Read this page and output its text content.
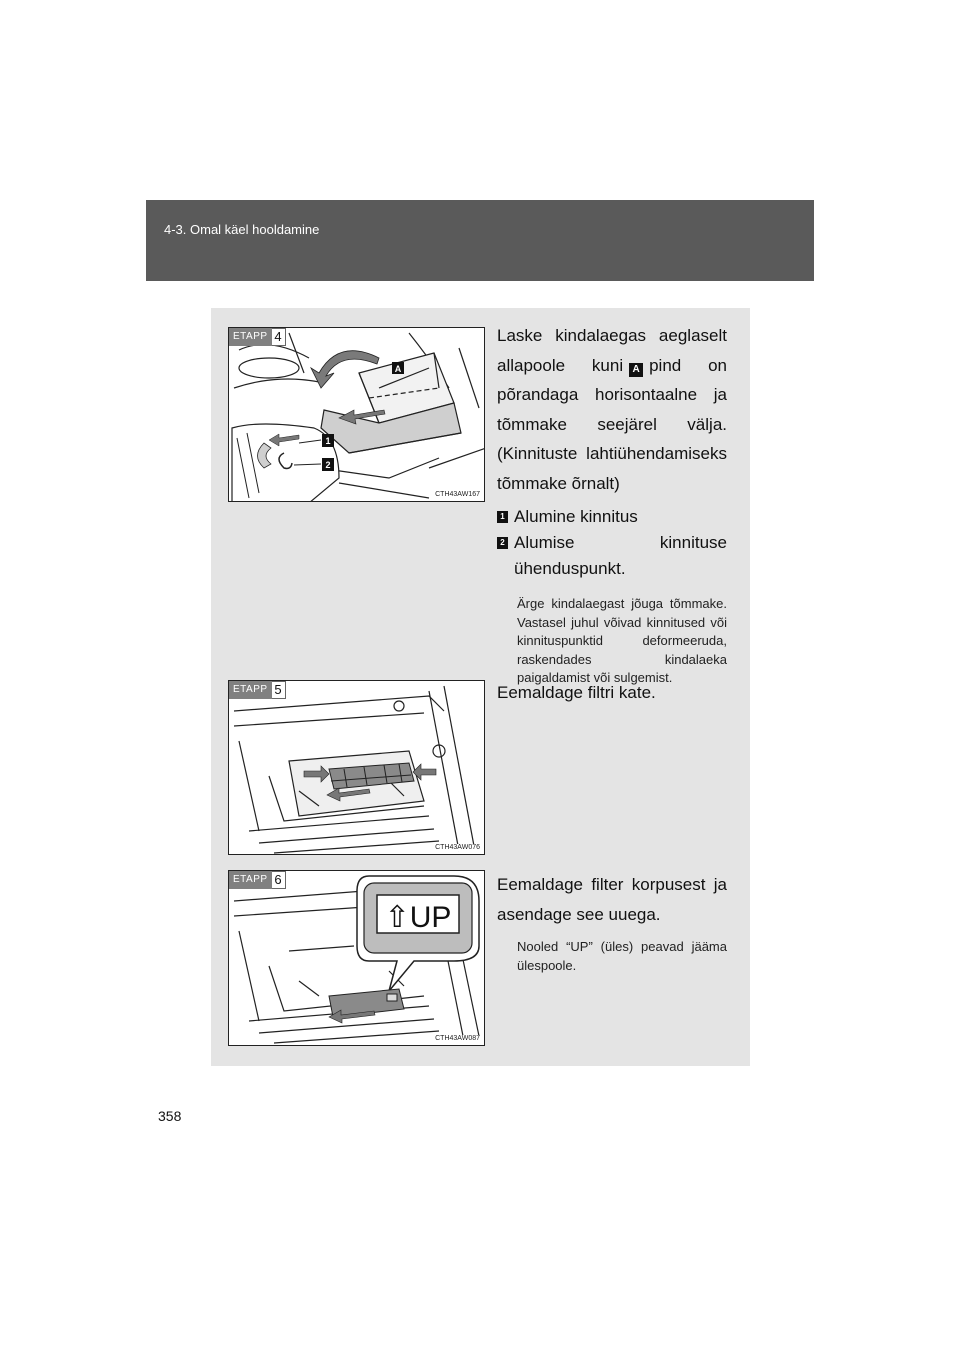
4-3. Omal käel hooldamine
A
1
2
ETAPP 4
CTH43AW167

Laske kindalaegas aeglaselt allapoole kuni A pind on põrandaga horisontaalne ja tõmmake seejärel välja. (Kinnituste lahtiühendamiseks tõmmake õrnalt)

1 Alumine kinnitus
2 Alumise kinnituse ühenduspunkt.

Ärge kindalaegast jõuga tõmmake. Vastasel juhul võivad kinnitused või kinnituspunktid deformeeruda, raskendades kindalaeka paigaldamist või sulgemist.

ETAPP 5
CTH43AW076

Eemaldage filtri kate.

⇧UP
ETAPP 6
CTH43AW087

Eemaldage filter korpusest ja asendage see uuega.

Nooled “UP” (üles) peavad jääma ülespoole.

358
